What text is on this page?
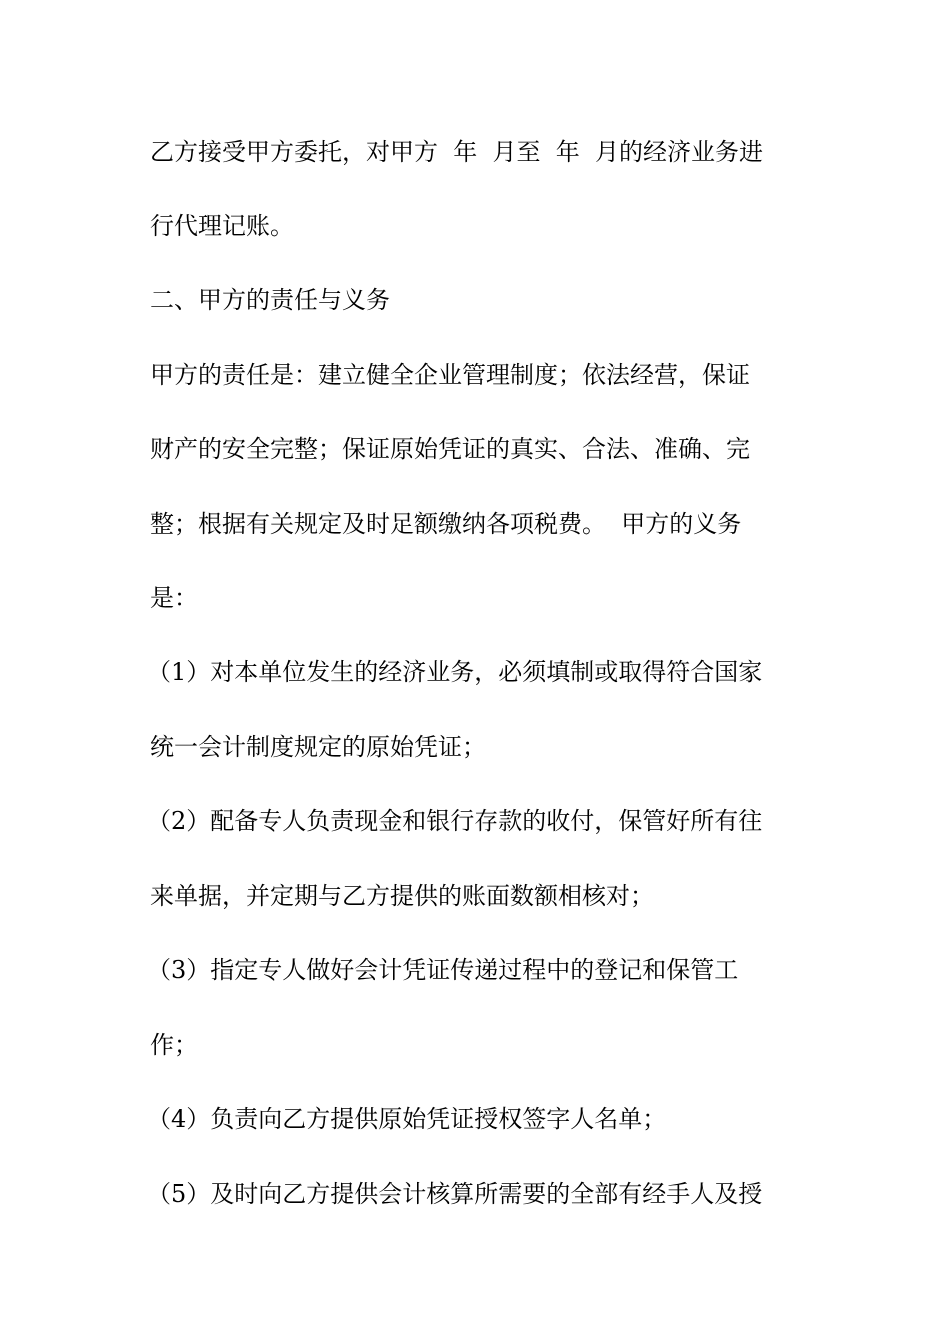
乙方接受甲方委托，对甲方  年  月至  年  月的经济业务进
行代理记账。
二、甲方的责任与义务
甲方的责任是：建立健全企业管理制度；依法经营，保证
财产的安全完整；保证原始凭证的真实、合法、准确、完
整；根据有关规定及时足额缴纳各项税费。  甲方的义务
是：
（1）对本单位发生的经济业务，必须填制或取得符合国家
统一会计制度规定的原始凭证；
（2）配备专人负责现金和银行存款的收付，保管好所有往
来单据，并定期与乙方提供的账面数额相核对；
（3）指定专人做好会计凭证传递过程中的登记和保管工
作；
（4）负责向乙方提供原始凭证授权签字人名单；
（5）及时向乙方提供会计核算所需要的全部有经手人及授
